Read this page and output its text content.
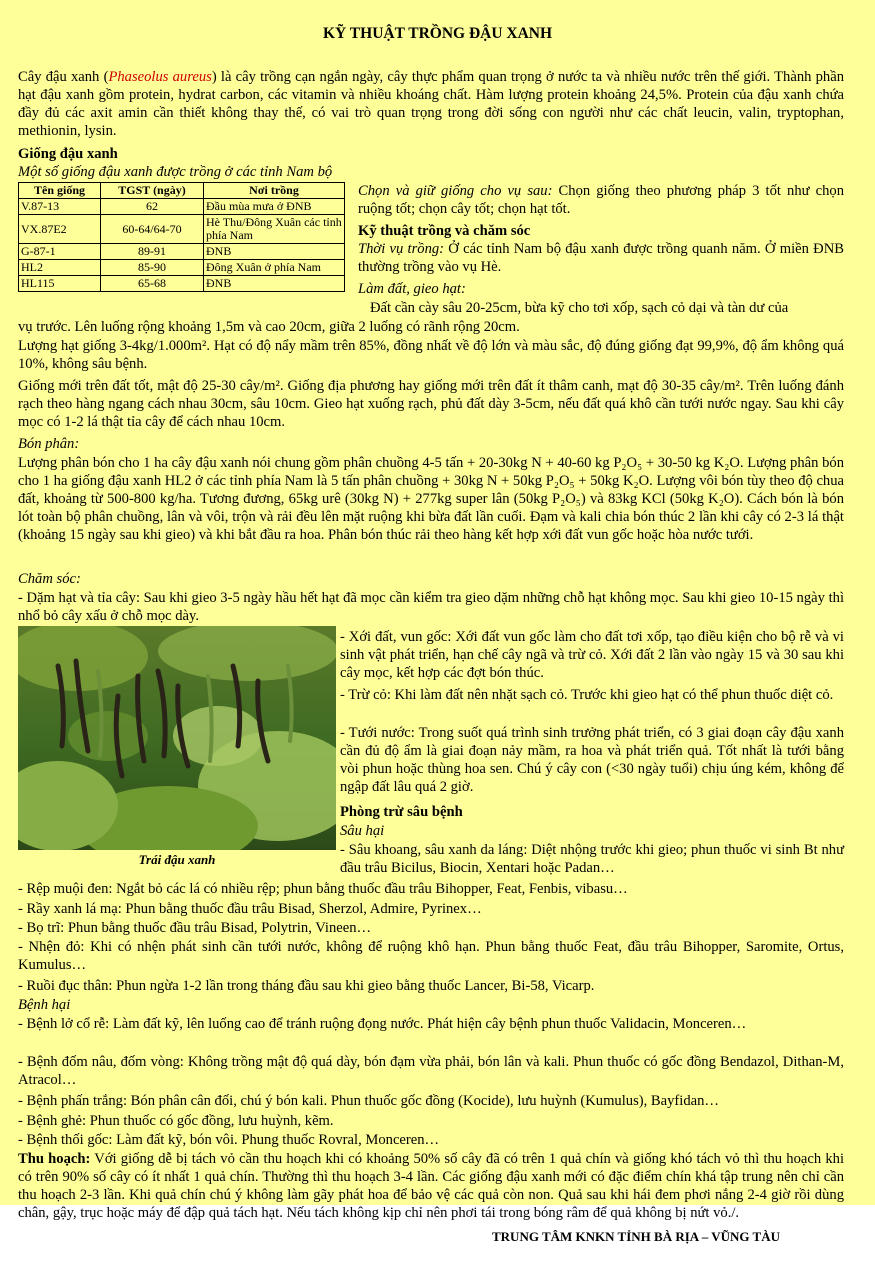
KỸ THUẬT TRỒNG ĐẬU XANH

Cây đậu xanh (Phaseolus aureus) là cây trồng cạn ngắn ngày, cây thực phẩm quan trọng ở nước ta và nhiều nước trên thế giới. Thành phần hạt đậu xanh gồm protein, hydrat carbon, các vitamin và nhiều khoáng chất. Hàm lượng protein khoảng 24,5%. Protein của đậu xanh chứa đầy đủ các axit amin cần thiết không thay thế, có vai trò quan trọng trong đời sống con người như các chất leucin, valin, tryptophan, methionin, lysin.

Giống đậu xanh
Một số giống đậu xanh được trồng ở các tỉnh Nam bộ
Tên giống	TGST (ngày)	Nơi trồng
V.87-13	62	Đầu mùa mưa ở ĐNB
VX.87E2	60-64/64-70	Hè Thu/Đông Xuân các tỉnh phía Nam
G-87-1	89-91	ĐNB
HL2	85-90	Đông Xuân ở phía Nam
HL115	65-68	ĐNB

Chọn và giữ giống cho vụ sau: Chọn giống theo phương pháp 3 tốt như chọn ruộng tốt; chọn cây tốt; chọn hạt tốt.

Kỹ thuật trồng và chăm sóc

Thời vụ trồng: Ở các tỉnh Nam bộ đậu xanh được trồng quanh năm. Ở miền ĐNB thường trồng vào vụ Hè.

Làm đất, gieo hạt:
Đất cần cày sâu 20-25cm, bừa kỹ cho tơi xốp, sạch cỏ dại và tàn dư của
vụ trước. Lên luống rộng khoảng 1,5m và cao 20cm, giữa 2 luống có rãnh rộng 20cm.

Lượng hạt giống 3-4kg/1.000m². Hạt có độ nẩy mầm trên 85%, đồng nhất về độ lớn và màu sắc, độ đúng giống đạt 99,9%, độ ẩm không quá 10%, không sâu bệnh.

Giống mới trên đất tốt, mật độ 25-30 cây/m². Giống địa phương hay giống mới trên đất ít thâm canh, mạt độ 30-35 cây/m². Trên luống đánh rạch theo hàng ngang cách nhau 30cm, sâu 10cm. Gieo hạt xuống rạch, phủ đất dày 3-5cm, nếu đất quá khô cần tưới nước ngay. Sau khi cây mọc có 1-2 lá thật tỉa cây để cách nhau 10cm.

Bón phân:

Lượng phân bón cho 1 ha cây đậu xanh nói chung gồm phân chuồng 4-5 tấn + 20-30kg N + 40-60 kg P₂O₅ + 30-50 kg K₂O. Lượng phân bón cho 1 ha giống đậu xanh HL2 ở các tỉnh phía Nam là 5 tấn phân chuồng + 30kg N + 50kg P₂O₅ + 50kg K₂O. Lượng vôi bón tùy theo độ chua đất, khoảng từ 500-800 kg/ha. Tương đương, 65kg urê (30kg N) + 277kg super lân (50kg P₂O₅) và 83kg KCl (50kg K₂O). Cách bón là bón lót toàn bộ phân chuồng, lân và vôi, trộn và rải đều lên mặt ruộng khi bừa đất lần cuối. Đạm và kali chia bón thúc 2 lần khi cây có 2-3 lá thật (khoảng 15 ngày sau khi gieo) và khi bắt đầu ra hoa. Phân bón thúc rải theo hàng kết hợp xới đất vun gốc hoặc hòa nước tưới.

Chăm sóc:

- Dặm hạt và tỉa cây: Sau khi gieo 3-5 ngày hầu hết hạt đã mọc cần kiểm tra gieo dặm những chỗ hạt không mọc. Sau khi gieo 10-15 ngày thì nhổ bỏ cây xấu ở chỗ mọc dày.

Trái đậu xanh

- Xới đất, vun gốc: Xới đất vun gốc làm cho đất tơi xốp, tạo điều kiện cho bộ rễ và vi sinh vật phát triển, hạn chế cây ngã và trừ cỏ. Xới đất 2 lần vào ngày 15 và 30 sau khi cây mọc, kết hợp các đợt bón thúc.

- Trừ cỏ: Khi làm đất nên nhặt sạch cỏ. Trước khi gieo hạt có thể phun thuốc diệt cỏ.

- Tưới nước: Trong suốt quá trình sinh trưởng phát triển, có 3 giai đoạn cây đậu xanh cần đủ độ ẩm là giai đoạn nảy mầm, ra hoa và phát triển quả. Tốt nhất là tưới bằng vòi phun hoặc thùng hoa sen. Chú ý cây con (<30 ngày tuổi) chịu úng kém, không để ngập đất lâu quá 2 giờ.

Phòng trừ sâu bệnh
Sâu hại

- Sâu khoang, sâu xanh da láng: Diệt nhộng trước khi gieo; phun thuốc vi sinh Bt như đầu trâu Bicilus, Biocin, Xentari hoặc Padan…

- Rệp muội đen: Ngắt bỏ các lá có nhiều rệp; phun bằng thuốc đầu trâu Bihopper, Feat, Fenbis, vibasu…

- Rầy xanh lá mạ: Phun bằng thuốc đầu trâu Bisad, Sherzol, Admire, Pyrinex…

- Bọ trĩ: Phun bằng thuốc đầu trâu Bisad, Polytrin, Vineen…

- Nhện đỏ: Khi có nhện phát sinh cần tưới nước, không để ruộng khô hạn. Phun bằng thuốc Feat, đầu trâu Bihopper, Saromite, Ortus, Kumulus…

- Ruồi đục thân: Phun ngừa 1-2 lần trong tháng đầu sau khi gieo bằng thuốc Lancer, Bi-58, Vicarp.

Bệnh hại

- Bệnh lở cổ rễ: Làm đất kỹ, lên luống cao để tránh ruộng đọng nước. Phát hiện cây bệnh phun thuốc Validacin, Monceren…

- Bệnh đốm nâu, đốm vòng: Không trồng mật độ quá dày, bón đạm vừa phải, bón lân và kali. Phun thuốc có gốc đồng Bendazol, Dithan-M, Atracol…

- Bệnh phấn trắng: Bón phân cân đối, chú ý bón kali. Phun thuốc gốc đồng (Kocide), lưu huỳnh (Kumulus), Bayfidan…

- Bệnh ghẻ: Phun thuốc có gốc đồng, lưu huỳnh, kẽm.

- Bệnh thối gốc: Làm đất kỹ, bón vôi. Phung thuốc Rovral, Monceren…

Thu hoạch: Với giống dễ bị tách vỏ cần thu hoạch khi có khoảng 50% số cây đã có trên 1 quả chín và giống khó tách vỏ thì thu hoạch khi có trên 90% số cây có ít nhất 1 quả chín. Thường thì thu hoạch 3-4 lần. Các giống đậu xanh mới có đặc điểm chín khá tập trung nên chỉ cần thu hoạch 2-3 lần. Khi quả chín chú ý không làm gãy phát hoa để bảo vệ các quả còn non. Quả sau khi hái đem phơi nắng 2-4 giờ rồi dùng chân, gậy, trục hoặc máy để đập quả tách hạt. Nếu tách không kịp chỉ nên phơi tái trong bóng râm để quả không bị nứt vỏ./.

TRUNG TÂM KNKN TỈNH BÀ RỊA – VŨNG TÀU
